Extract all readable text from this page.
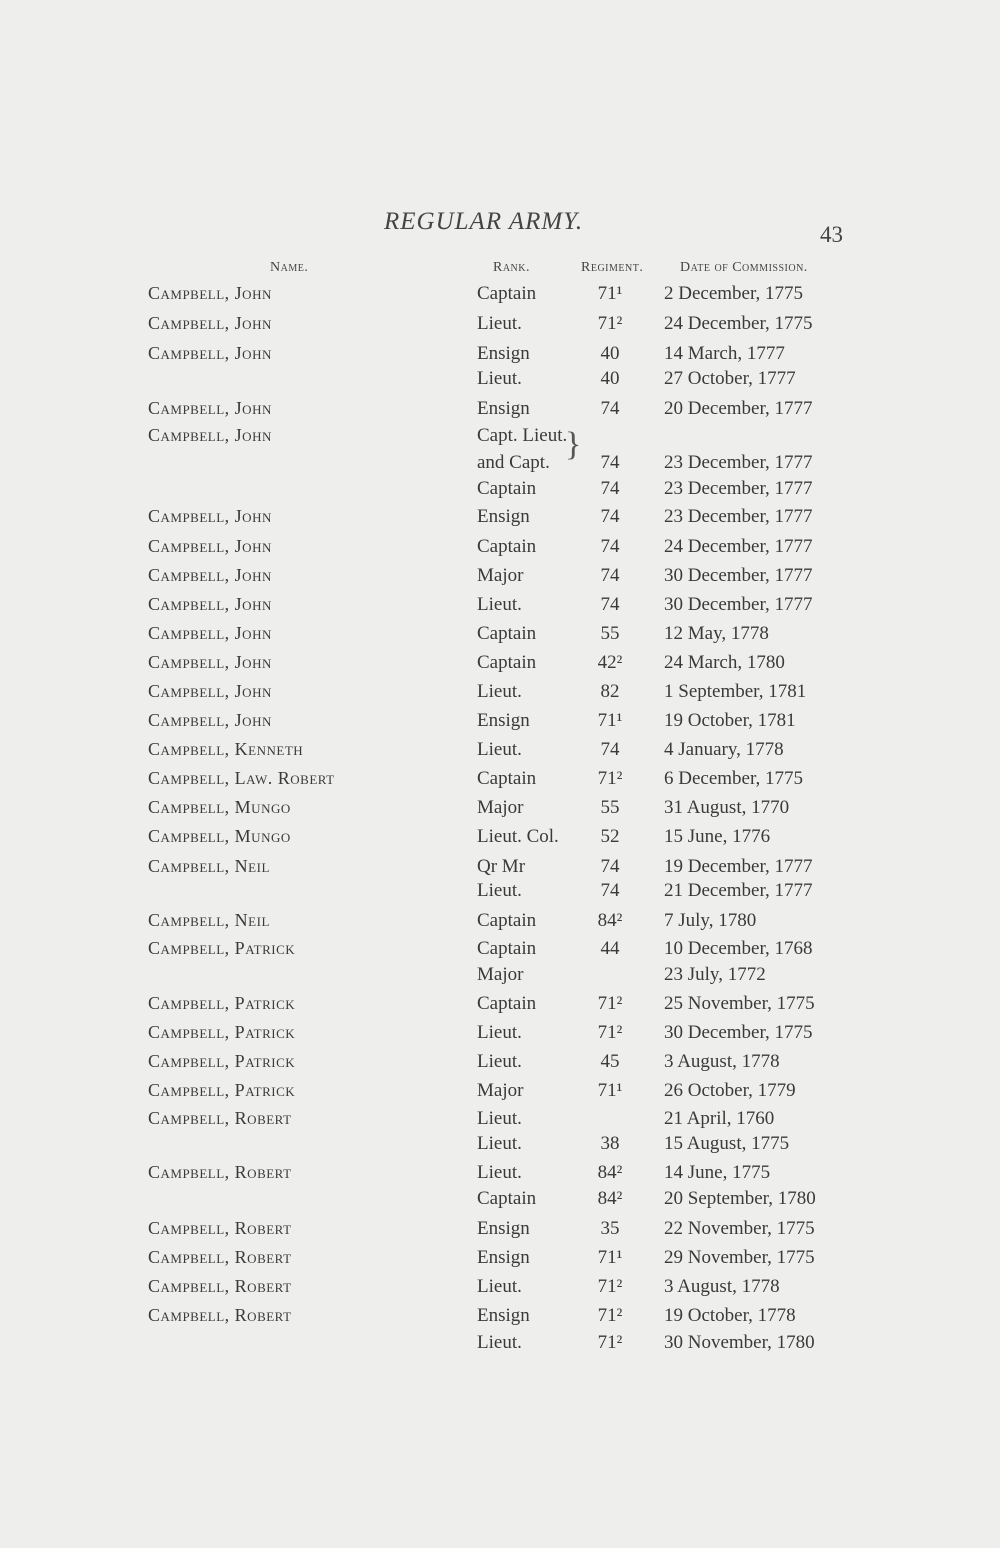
REGULAR ARMY.	43
Name.	Rank.	Regiment.	Date of Commission.
Campbell, John	Captain	71¹	2 December, 1775
Campbell, John	Lieut.	71²	24 December, 1775
Campbell, John	Ensign	40	14 March, 1777
Lieut.	40	27 October, 1777
Campbell, John	Ensign	74	20 December, 1777
Campbell, John	Capt. Lieut.
and Capt.	74	23 December, 1777
Captain	74	23 December, 1777
Campbell, John	Ensign	74	23 December, 1777
Campbell, John	Captain	74	24 December, 1777
Campbell, John	Major	74	30 December, 1777
Campbell, John	Lieut.	74	30 December, 1777
Campbell, John	Captain	55	12 May, 1778
Campbell, John	Captain	42²	24 March, 1780
Campbell, John	Lieut.	82	1 September, 1781
Campbell, John	Ensign	71¹	19 October, 1781
Campbell, Kenneth	Lieut.	74	4 January, 1778
Campbell, Law. Robert	Captain	71²	6 December, 1775
Campbell, Mungo	Major	55	31 August, 1770
Campbell, Mungo	Lieut. Col.	52	15 June, 1776
Campbell, Neil	Qr Mr	74	19 December, 1777
Lieut.	74	21 December, 1777
Campbell, Neil	Captain	84²	7 July, 1780
Campbell, Patrick	Captain	44	10 December, 1768
Major	23 July, 1772
Campbell, Patrick	Captain	71²	25 November, 1775
Campbell, Patrick	Lieut.	71²	30 December, 1775
Campbell, Patrick	Lieut.	45	3 August, 1778
Campbell, Patrick	Major	71¹	26 October, 1779
Campbell, Robert	Lieut.	21 April, 1760
Lieut.	38	15 August, 1775
Campbell, Robert	Lieut.	84²	14 June, 1775
Captain	84²	20 September, 1780
Campbell, Robert	Ensign	35	22 November, 1775
Campbell, Robert	Ensign	71¹	29 November, 1775
Campbell, Robert	Lieut.	71²	3 August, 1778
Campbell, Robert	Ensign	71²	19 October, 1778
Lieut.	71²	30 November, 1780
}
